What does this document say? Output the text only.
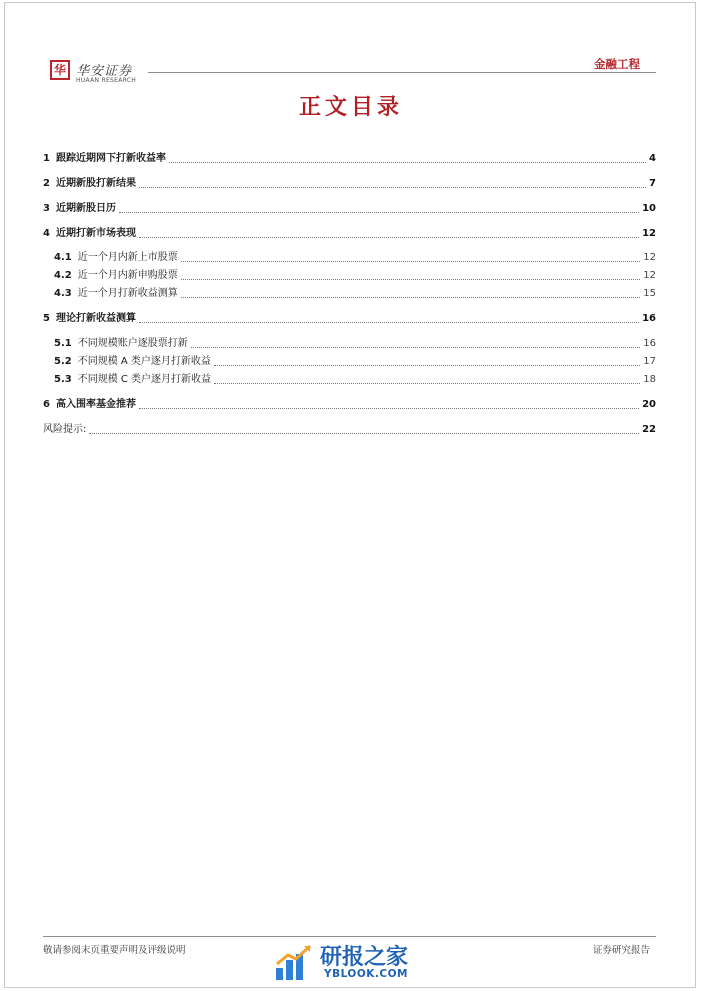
华 华安证券
HUAAN RESEARCH
金融工程
正文目录
1 跟踪近期网下打新收益率	4
2 近期新股打新结果	7
3 近期新股日历	10
4 近期打新市场表现	12
4.1 近一个月内新上市股票	12
4.2 近一个月内新申购股票	12
4.3 近一个月打新收益测算	15
5 理论打新收益测算	16
5.1 不同规模账户逐股票打新	16
5.2 不同规模 A 类户逐月打新收益	17
5.3 不同规模 C 类户逐月打新收益	18
6 高入围率基金推荐	20
风险提示:	22
敬请参阅末页重要声明及评级说明	研报之家
YBLOOK.COM
证券研究报告
